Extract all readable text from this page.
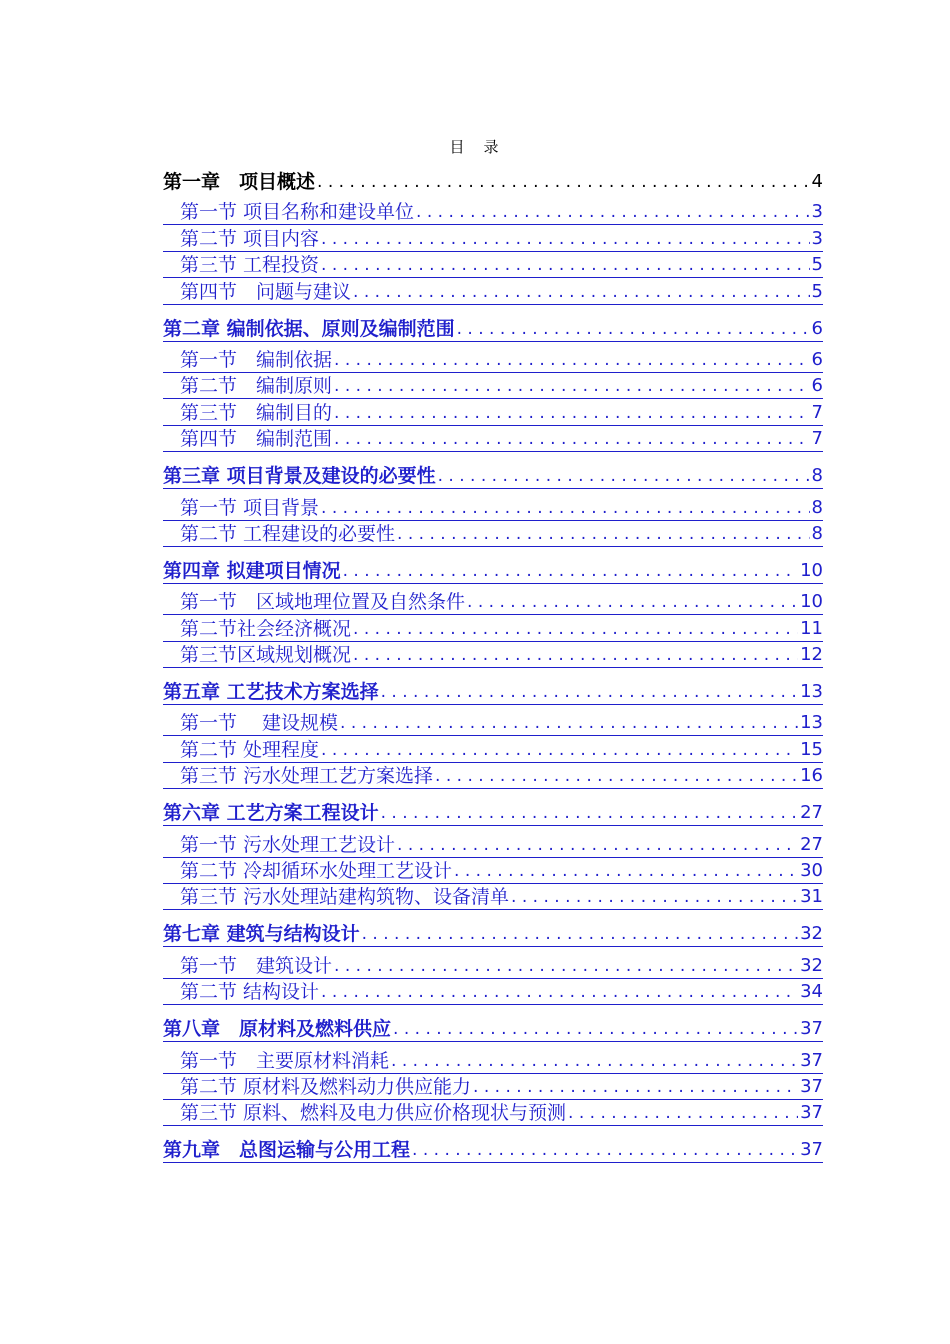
目　录
第一章　项目概述 . . .	4
第一节 项目名称和建设单位 . . .	3
第二节 项目内容 . . .	3
第三节 工程投资 . . .	5
第四节　问题与建议 . . .	5
第二章 编制依据、原则及编制范围 . . .	6
第一节　编制依据 . . .	6
第二节　编制原则 . . .	6
第三节　编制目的 . . .	7
第四节　编制范围 . . .	7
第三章 项目背景及建设的必要性 . . .	8
第一节 项目背景 . . .	8
第二节 工程建设的必要性 . . .	8
第四章 拟建项目情况 . . .	10
第一节　区域地理位置及自然条件 . . .	10
第二节社会经济概况 . . .	11
第三节区域规划概况 . . .	12
第五章 工艺技术方案选择 . . .	13
第一节　 建设规模 . . .	13
第二节 处理程度 . . .	15
第三节 污水处理工艺方案选择 . . .	16
第六章 工艺方案工程设计 . . .	27
第一节 污水处理工艺设计 . . .	27
第二节 冷却循环水处理工艺设计 . . .	30
第三节 污水处理站建构筑物、设备清单 . . .	31
第七章 建筑与结构设计 . . .	32
第一节　建筑设计 . . .	32
第二节 结构设计 . . .	34
第八章　原材料及燃料供应 . . .	37
第一节　主要原材料消耗 . . .	37
第二节 原材料及燃料动力供应能力 . . .	37
第三节 原料、燃料及电力供应价格现状与预测 . . .	37
第九章　总图运输与公用工程 . . .	37
